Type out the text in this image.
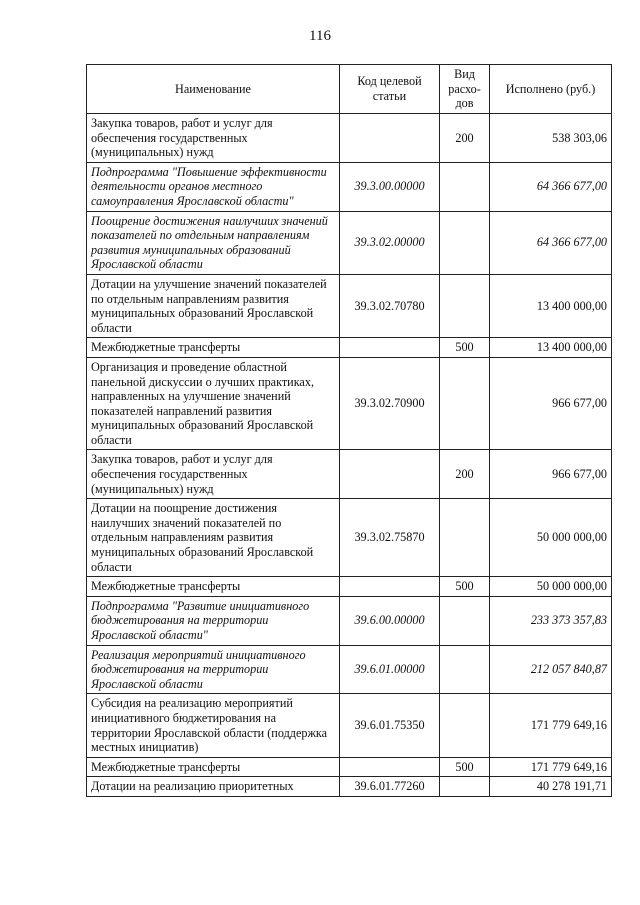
116
Наименование	Код целевой статьи	Вид расхо-дов	Исполнено (руб.)
Закупка товаров, работ и услуг для обеспечения государственных (муниципальных) нужд		200	538 303,06
Подпрограмма "Повышение эффективности деятельности органов местного самоуправления Ярославской области"	39.3.00.00000		64 366 677,00
Поощрение достижения наилучших значений показателей по отдельным направлениям развития муниципальных образований Ярославской области	39.3.02.00000		64 366 677,00
Дотации на улучшение значений показателей по отдельным направлениям развития муниципальных образований Ярославской области	39.3.02.70780		13 400 000,00
Межбюджетные трансферты		500	13 400 000,00
Организация и проведение областной панельной дискуссии о лучших практиках, направленных на улучшение значений показателей направлений развития муниципальных образований Ярославской области	39.3.02.70900		966 677,00
Закупка товаров, работ и услуг для обеспечения государственных (муниципальных) нужд		200	966 677,00
Дотации на поощрение достижения наилучших значений показателей по отдельным направлениям развития муниципальных образований Ярославской области	39.3.02.75870		50 000 000,00
Межбюджетные трансферты		500	50 000 000,00
Подпрограмма "Развитие инициативного бюджетирования на территории Ярославской области"	39.6.00.00000		233 373 357,83
Реализация мероприятий инициативного бюджетирования на территории Ярославской области	39.6.01.00000		212 057 840,87
Субсидия на реализацию мероприятий инициативного бюджетирования на территории Ярославской области (поддержка местных инициатив)	39.6.01.75350		171 779 649,16
Межбюджетные трансферты		500	171 779 649,16
Дотации на реализацию приоритетных	39.6.01.77260		40 278 191,71
